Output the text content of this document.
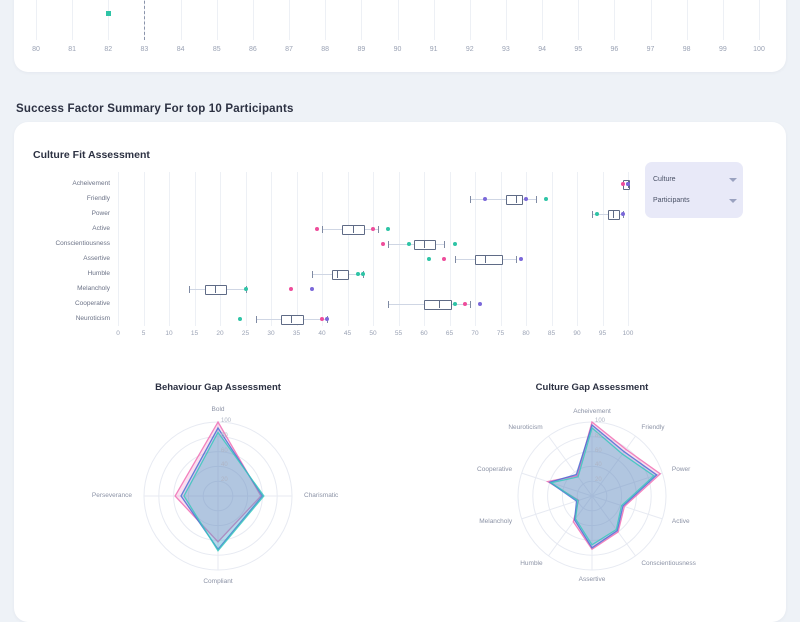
80	81	82	83	84	85	86	87	88	89	90	91	92	93	94	95	96	97	98	99	100
Success Factor Summary For top 10 Participants
Culture Fit Assessment
0	5	10	15	20	25	30	35	40	45	50	55	60	65	70	75	80	85	90	95	100
Acheivement
Friendly
Power
Active
Conscientiousness
Assertive
Humble
Melancholy
Cooperative
Neuroticism
Culture
Participants
Behaviour Gap Assessment
Bold
Charismatic
Compliant
Perseverance
20
40
60
80
100
Culture Gap Assessment
Acheivement
Friendly
Power
Active
Conscientiousness
Assertive
Humble
Melancholy
Cooperative
Neuroticism
20
40
60
80
100
